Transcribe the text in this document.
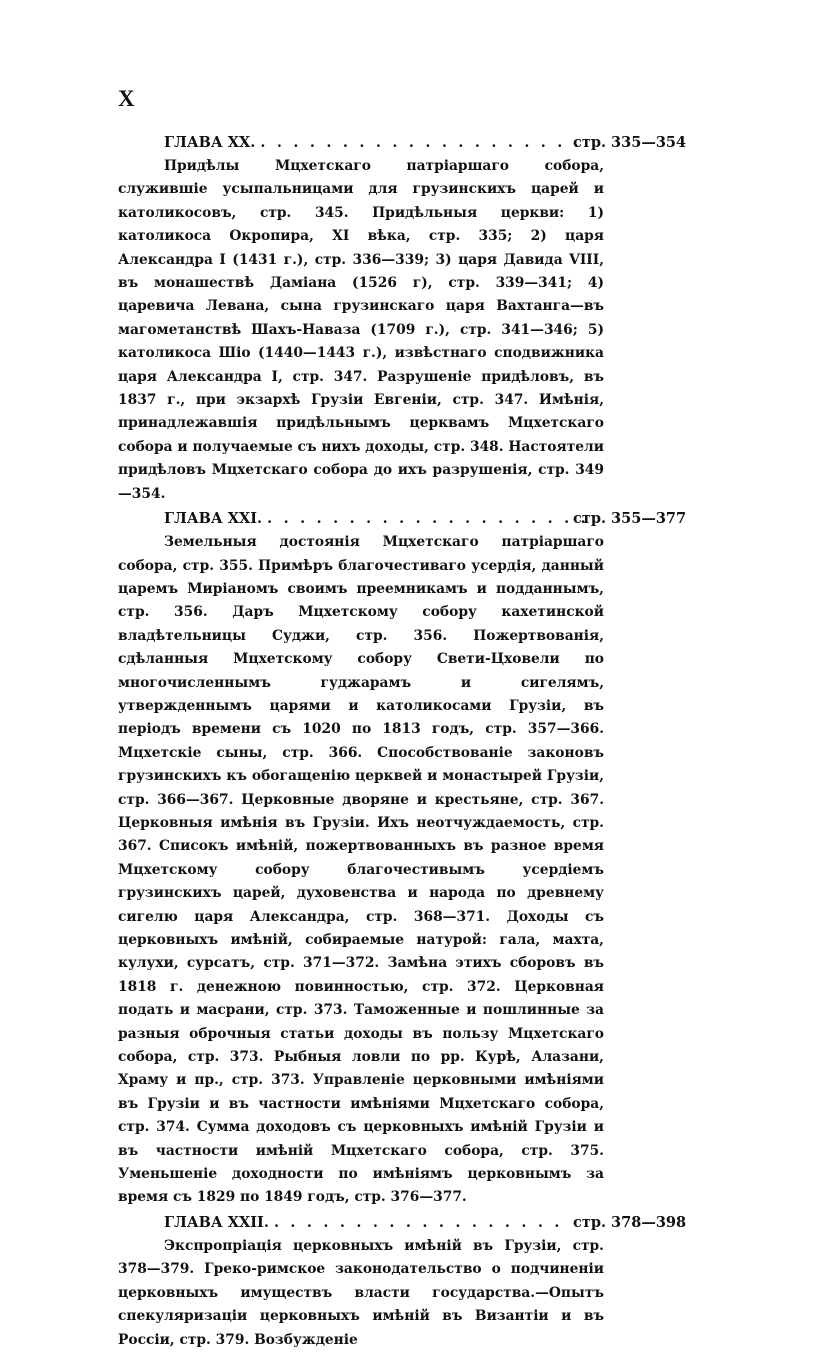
X
ГЛАВА XX. . . . . . . . . . . . . . . . . . . . .
стр. 335—354

Придѣлы Мцхетскаго патріаршаго собора, служившіе усыпальницами для грузинскихъ царей и католикосовъ, стр. 345. Придѣльныя церкви: 1) католикоса Окропира, XI вѣка, стр. 335; 2) царя Александра I (1431 г.), стр. 336—339; 3) царя Давида VIII, въ монашествѣ Даміана (1526 г), стр. 339—341; 4) царевича Левана, сына грузинскаго царя Вахтанга—въ магометанствѣ Шахъ-Наваза (1709 г.), стр. 341—346; 5) католикоса Шіо (1440—1443 г.), извѣстнаго сподвижника царя Александра I, стр. 347. Разрушеніе придѣловъ, въ 1837 г., при экзархѣ Грузіи Евгеніи, стр. 347. Имѣнія, принадлежавшія придѣльнымъ церквамъ Мцхетскаго собора и получаемые съ нихъ доходы, стр. 348. Настоятели придѣловъ Мцхетскаго собора до ихъ разрушенія, стр. 349—354.

ГЛАВА XXI. . . . . . . . . . . . . . . . . . . . .
стр. 355—377

Земельныя достоянія Мцхетскаго патріаршаго собора, стр. 355. Примѣръ благочестиваго усердія, данный царемъ Миріаномъ своимъ преемникамъ и подданнымъ, стр. 356. Даръ Мцхетскому собору кахетинской владѣтельницы Суджи, стр. 356. Пожертвованія, сдѣланныя Мцхетскому собору Свети-Цховели по многочисленнымъ гуджарамъ и сигелямъ, утвержденнымъ царями и католикосами Грузіи, въ періодъ времени съ 1020 по 1813 годъ, стр. 357—366. Мцхетскіе сыны, стр. 366. Способствованіе законовъ грузинскихъ къ обогащенію церквей и монастырей Грузіи, стр. 366—367. Церковные дворяне и крестьяне, стр. 367. Церковныя имѣнія въ Грузіи. Ихъ неотчуждаемость, стр. 367. Списокъ имѣній, пожертвованныхъ въ разное время Мцхетскому собору благочестивымъ усердіемъ грузинскихъ царей, духовенства и народа по древнему сигелю царя Александра, стр. 368—371. Доходы съ церковныхъ имѣній, собираемые натурой: гала, махта, кулухи, сурсатъ, стр. 371—372. Замѣна этихъ сборовъ въ 1818 г. денежною повинностью, стр. 372. Церковная подать и масрани, стр. 373. Таможенные и пошлинные за разныя оброчныя статьи доходы въ пользу Мцхетскаго собора, стр. 373. Рыбныя ловли по рр. Курѣ, Алазани, Храму и пр., стр. 373. Управленіе церковными имѣніями въ Грузіи и въ частности имѣніями Мцхетскаго собора, стр. 374. Сумма доходовъ съ церковныхъ имѣній Грузіи и въ частности имѣній Мцхетскаго собора, стр. 375. Уменьшеніе доходности по имѣніямъ церковнымъ за время съ 1829 по 1849 годъ, стр. 376—377.

ГЛАВА XXII. . . . . . . . . . . . . . . . . . . стр. 378—398

Экспропріація церковныхъ имѣній въ Грузіи, стр. 378—379. Греко-римское законодательство о подчиненіи церковныхъ имуществъ власти государства.—Опытъ спекуляризаціи церковныхъ имѣній въ Византіи и въ Россіи, стр. 379. Возбужденіе
